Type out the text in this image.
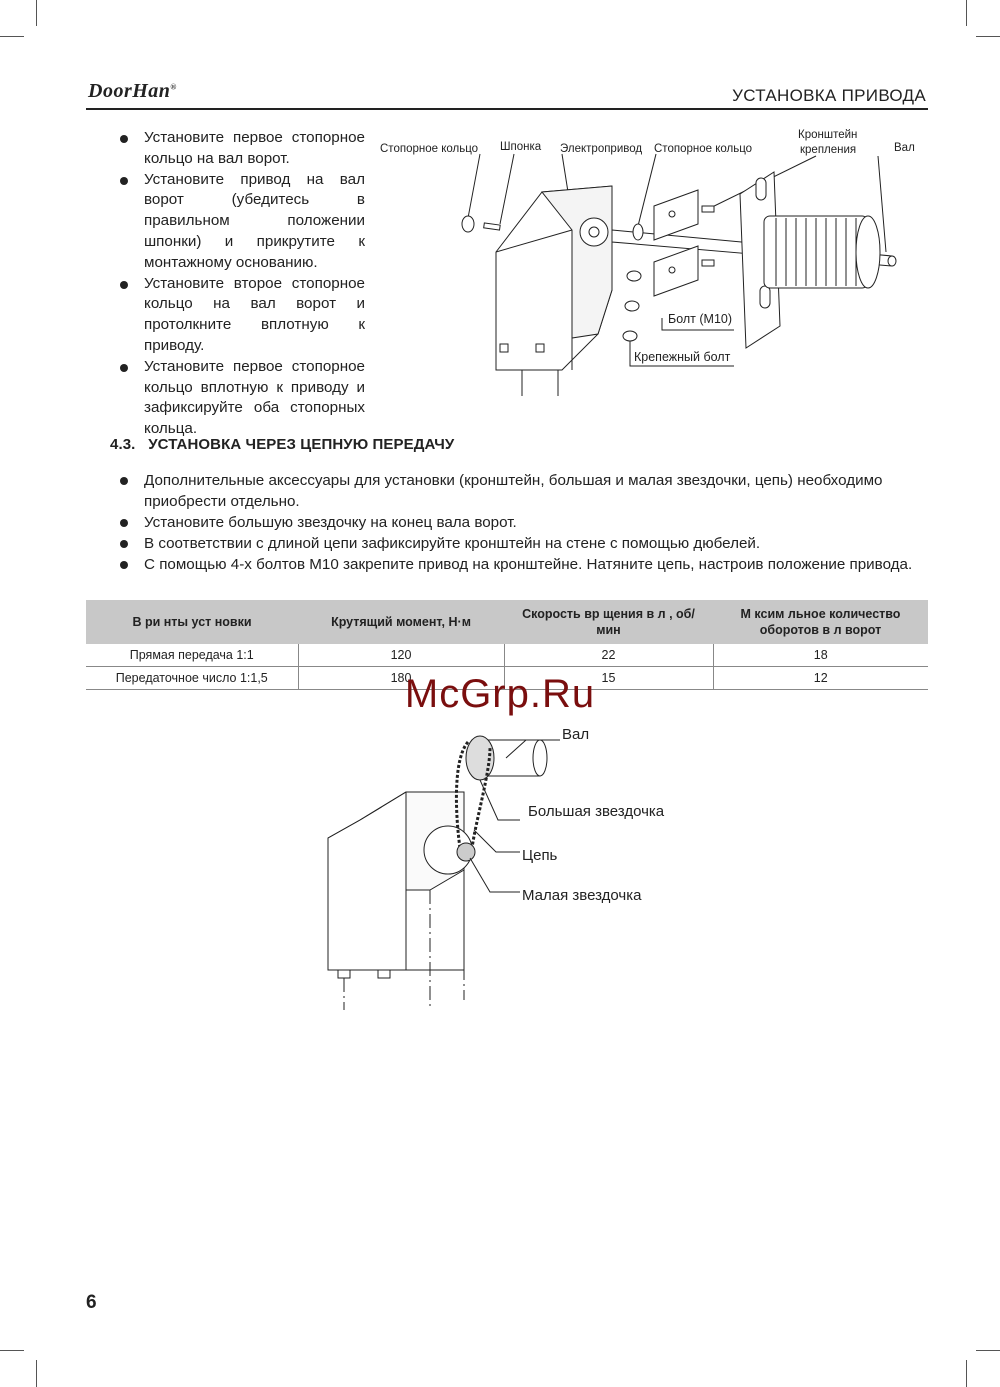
DoorHan®	УСТАНОВКА ПРИВОДА
Установите первое стопорное кольцо на вал ворот.
Установите привод на вал ворот (убедитесь в правильном положении шпонки) и прикрутите к монтажному основанию.
Установите второе стопорное кольцо на вал ворот и протолкните вплотную к приводу.
Установите первое стопорное кольцо вплотную к приводу и зафиксируйте оба стопорных кольца.
Стопорное кольцо Шпонка Электропривод Стопорное кольцо
Кронштейн
крепления	Вал
Болт (М10)
Крепежный болт
4.3. УСТАНОВКА ЧЕРЕЗ ЦЕПНУЮ ПЕРЕДАЧУ
Дополнительные аксессуары для установки (кронштейн, большая и малая звездочки, цепь) необходимо приобрести отдельно.
Установите большую звездочку на конец вала ворот.
В соответствии с длиной цепи зафиксируйте кронштейн на стене с помощью дюбелей.
С помощью 4-х болтов М10 закрепите привод на кронштейне. Натяните цепь, настроив положение привода.
В ри нты уст новки	Крутящий момент, Н·м	Скорость вр щения в л , об/мин	М ксим льное количество оборотов в л ворот
Прямая передача 1:1	120	22	18
Передаточное число 1:1,5	180	15	12
McGrp.Ru
Вал
Большая звездочка
Цепь
Малая звездочка
6
